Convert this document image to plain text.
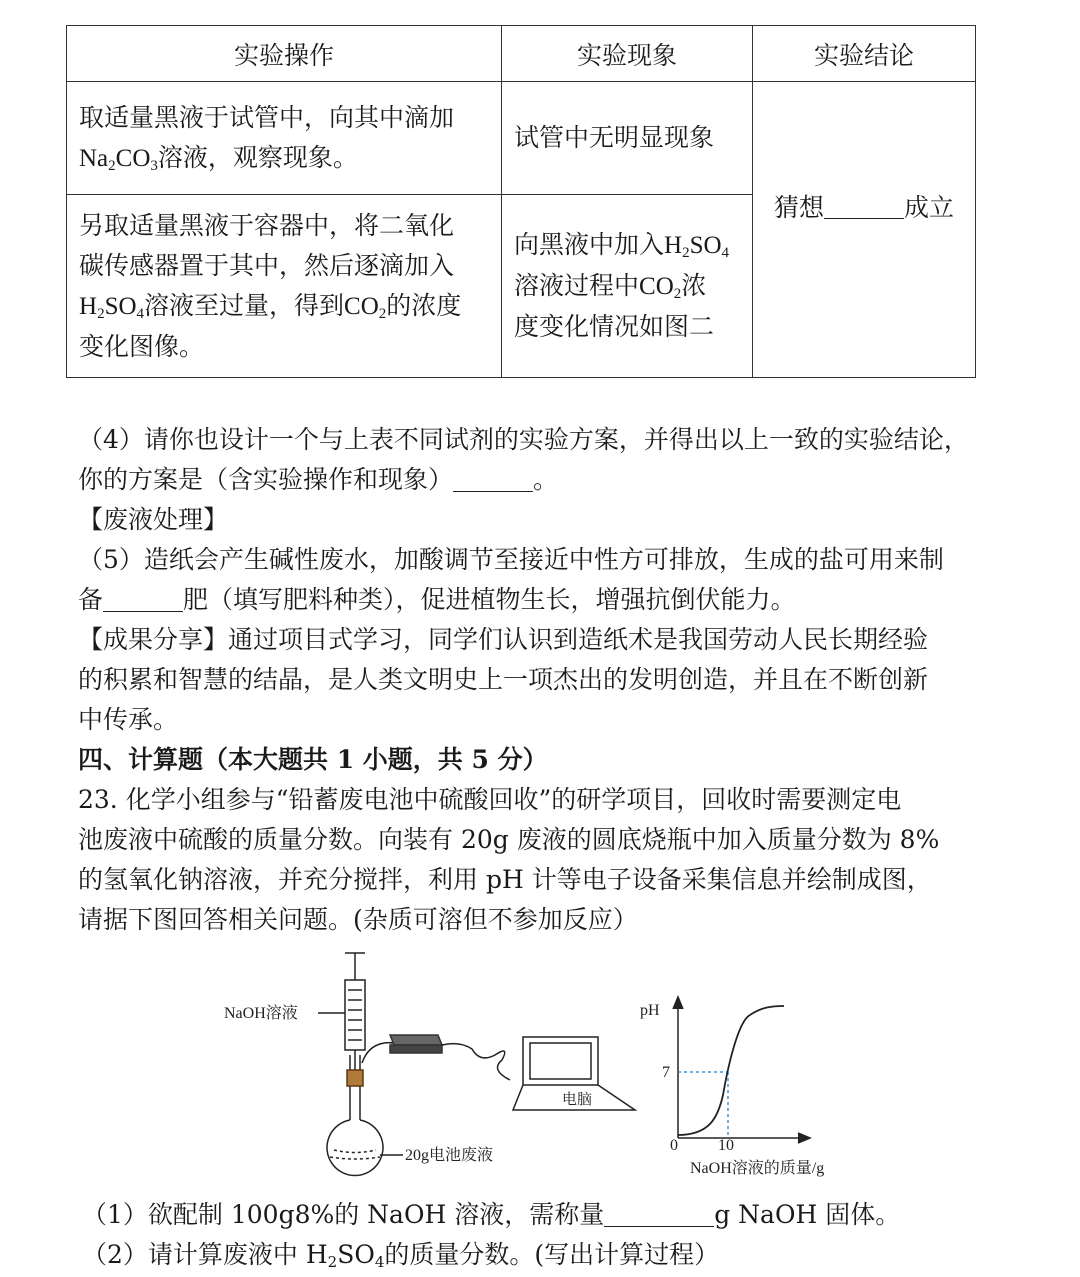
实验操作	实验现象	实验结论
取适量黑液于试管中，向其中滴加
$Na_2CO_3$溶液，观察现象。	试管中无明显现象	猜想 成立
另取适量黑液于容器中，将二氧化
碳传感器置于其中，然后逐滴加入
$H_2SO_4$溶液至过量，得到$CO_2$的浓度
变化图像。	向黑液中加入$H_2SO_4$
溶液过程中$CO_2$浓
度变化情况如图二	

（4）请你也设计一个与上表不同试剂的实验方案，并得出以上一致的实验结论，

你的方案是（含实验操作和现象）	。

【废液处理】

（5）造纸会产生碱性废水，加酸调节至接近中性方可排放，生成的盐可用来制

备	肥（填写肥料种类），促进植物生长，增强抗倒伏能力。

【成果分享】通过项目式学习，同学们认识到造纸术是我国劳动人民长期经验

的积累和智慧的结晶，是人类文明史上一项杰出的发明创造，并且在不断创新

中传承。

四、计算题（本大题共 1 小题，共 5 分）

23. 化学小组参与“铅蓄废电池中硫酸回收”的研学项目，回收时需要测定电

池废液中硫酸的质量分数。向装有 20g 废液的圆底烧瓶中加入质量分数为 8%

的氢氧化钠溶液，并充分搅拌，利用 pH 计等电子设备采集信息并绘制成图，

请据下图回答相关问题。(杂质可溶但不参加反应）

NaOH溶液
20g电池废液
电脑
pH
7
0	10
NaOH溶液的质量/g

（1）欲配制 100g8%的 NaOH 溶液，需称量	g NaOH 固体。

（2）请计算废液中 $H_2SO_4$的质量分数。(写出计算过程）
